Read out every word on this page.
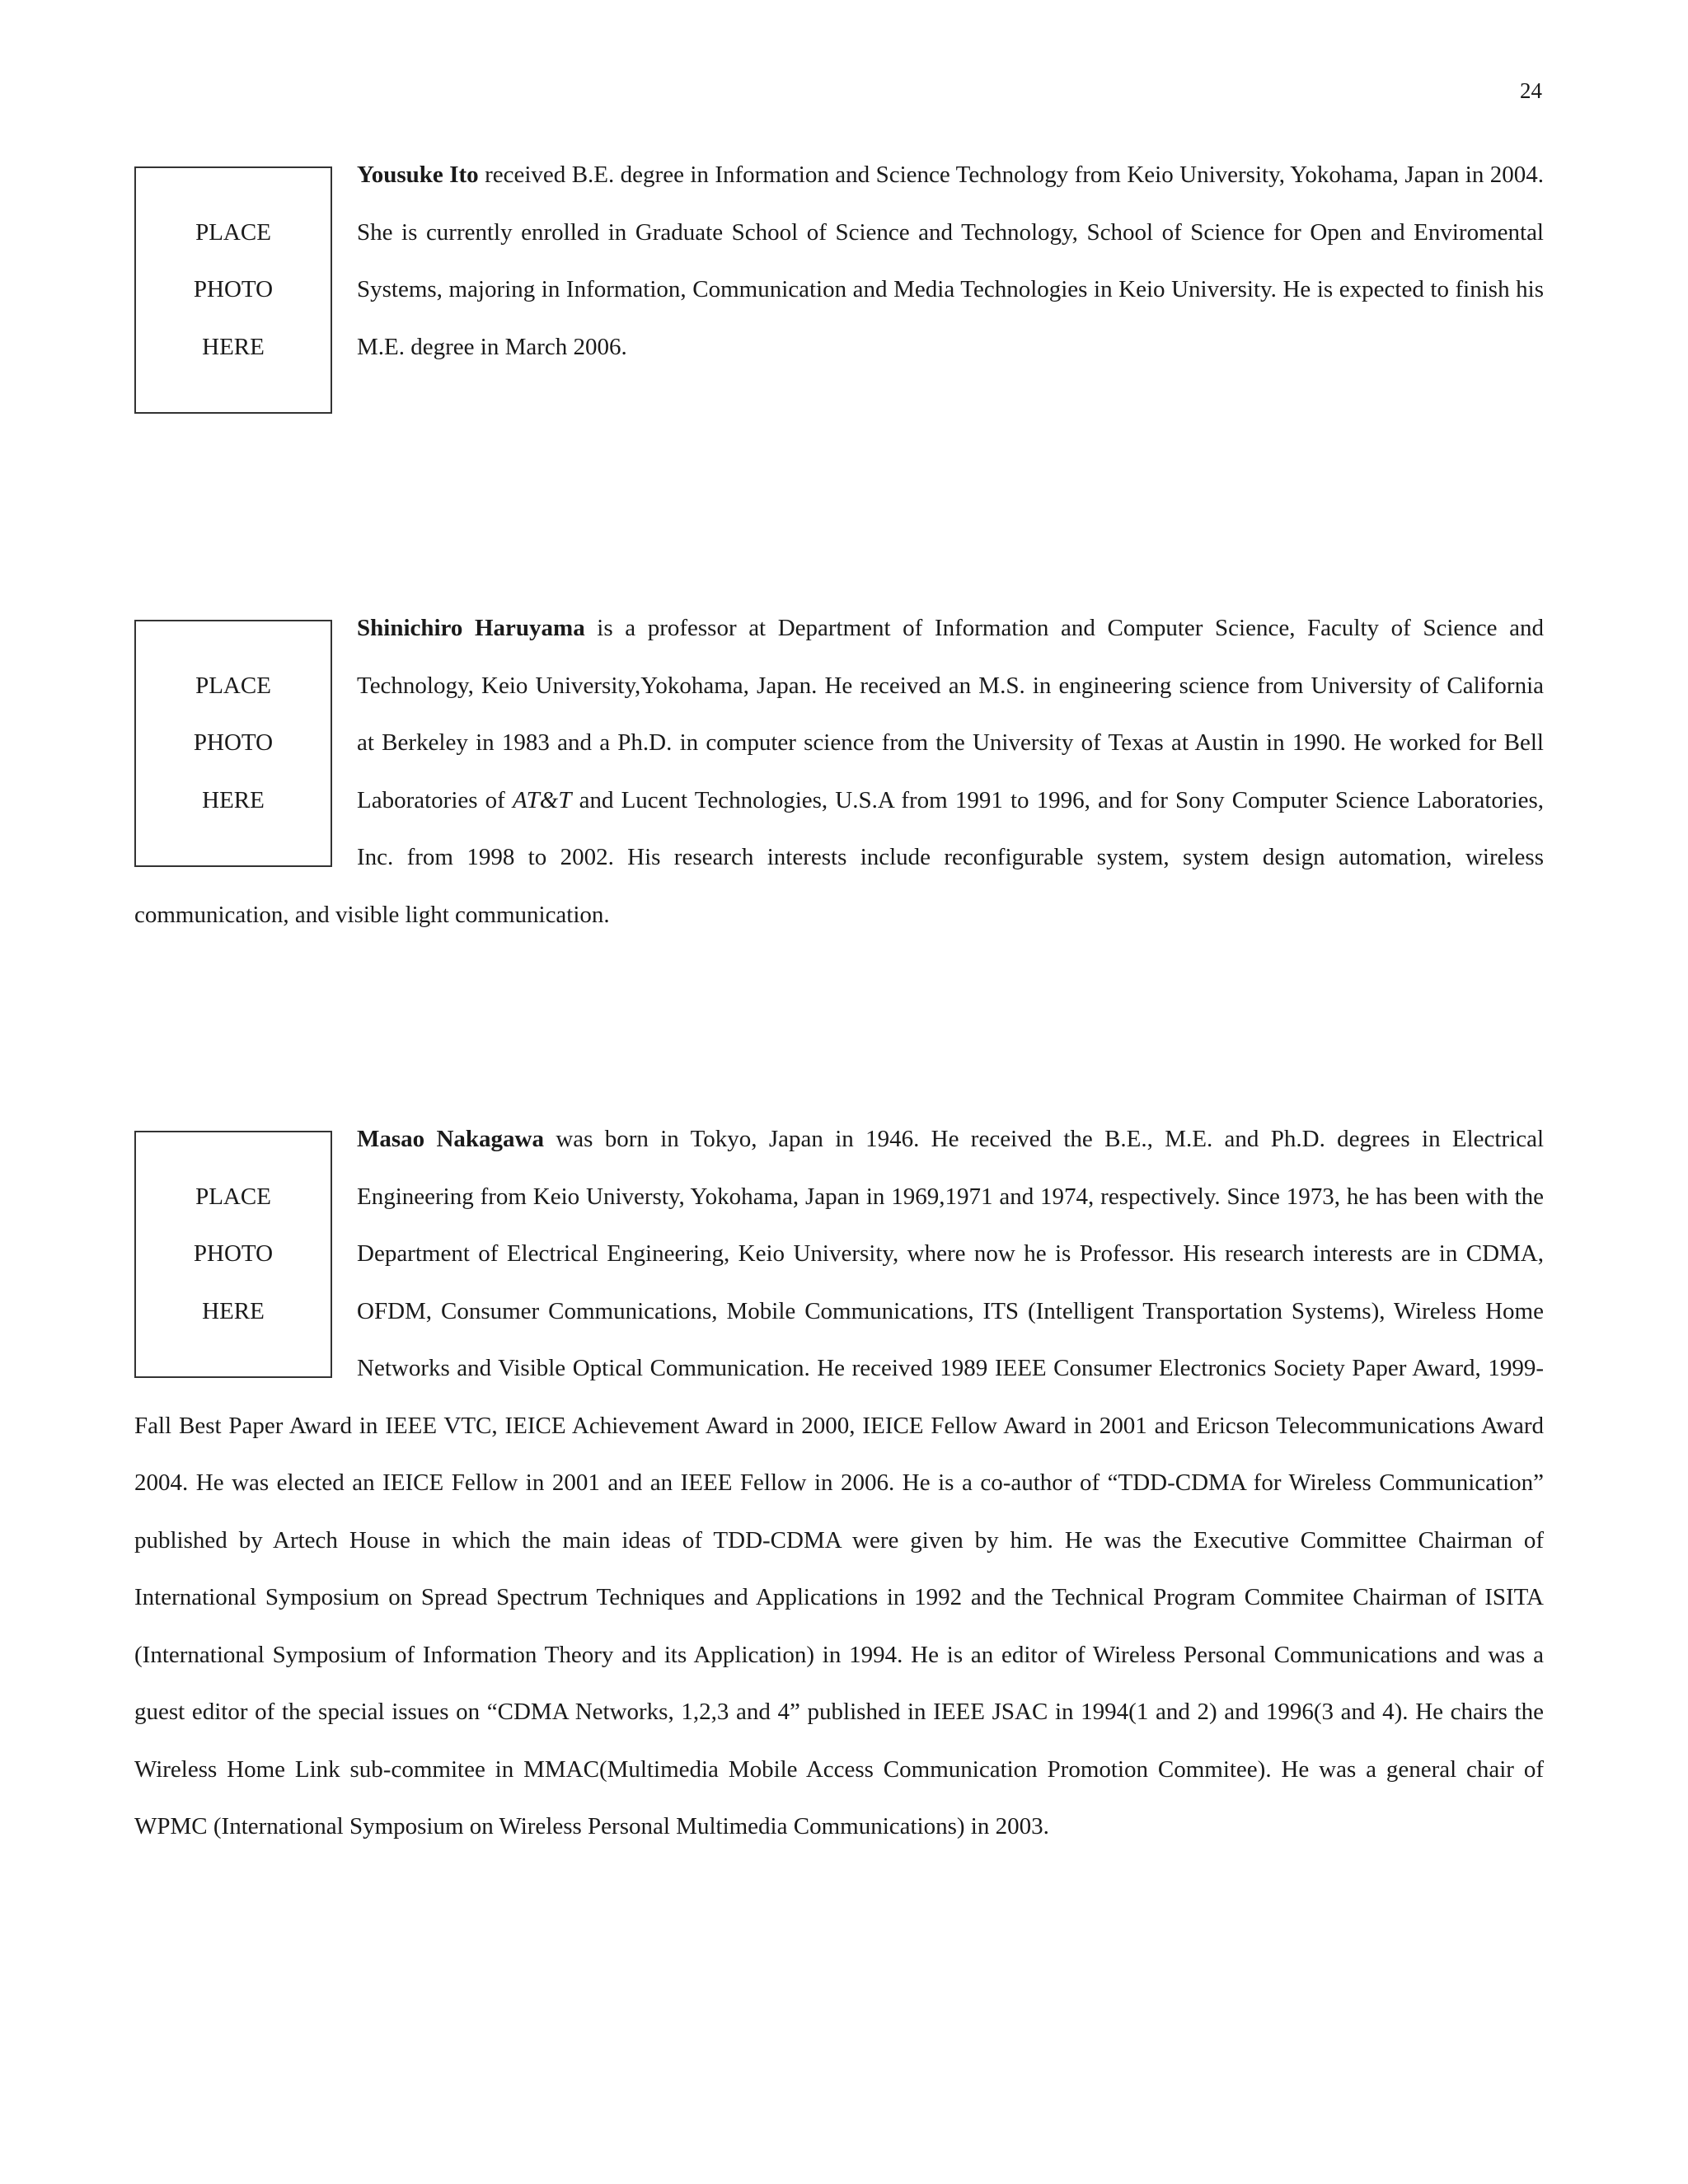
24
PLACE
PHOTO
HERE

Yousuke Ito received B.E. degree in Information and Science Technology from Keio University, Yokohama, Japan in 2004. She is currently enrolled in Graduate School of Science and Technology, School of Science for Open and Enviromental Systems, majoring in Information, Communication and Media Technologies in Keio University. He is expected to finish his M.E. degree in March 2006.

PLACE
PHOTO
HERE

Shinichiro Haruyama is a professor at Department of Information and Computer Science, Faculty of Science and Technology, Keio University,Yokohama, Japan. He received an M.S. in engineering science from University of California at Berkeley in 1983 and a Ph.D. in computer science from the University of Texas at Austin in 1990. He worked for Bell Laboratories of AT&T and Lucent Technologies, U.S.A from 1991 to 1996, and for Sony Computer Science Laboratories, Inc. from 1998 to 2002. His research interests include reconfigurable system, system design automation, wireless communication, and visible light communication.

PLACE
PHOTO
HERE

Masao Nakagawa was born in Tokyo, Japan in 1946. He received the B.E., M.E. and Ph.D. degrees in Electrical Engineering from Keio Universty, Yokohama, Japan in 1969,1971 and 1974, respectively. Since 1973, he has been with the Department of Electrical Engineering, Keio University, where now he is Professor. His research interests are in CDMA, OFDM, Consumer Communications, Mobile Communications, ITS (Intelligent Transportation Systems), Wireless Home Networks and Visible Optical Communication. He received 1989 IEEE Consumer Electronics Society Paper Award, 1999-Fall Best Paper Award in IEEE VTC, IEICE Achievement Award in 2000, IEICE Fellow Award in 2001 and Ericson Telecommunications Award 2004. He was elected an IEICE Fellow in 2001 and an IEEE Fellow in 2006. He is a co-author of “TDD-CDMA for Wireless Communication” published by Artech House in which the main ideas of TDD-CDMA were given by him. He was the Executive Committee Chairman of International Symposium on Spread Spectrum Techniques and Applications in 1992 and the Technical Program Commitee Chairman of ISITA (International Symposium of Information Theory and its Application) in 1994. He is an editor of Wireless Personal Communications and was a guest editor of the special issues on “CDMA Networks, 1,2,3 and 4” published in IEEE JSAC in 1994(1 and 2) and 1996(3 and 4). He chairs the Wireless Home Link sub-commitee in MMAC(Multimedia Mobile Access Communication Promotion Commitee). He was a general chair of WPMC (International Symposium on Wireless Personal Multimedia Communications) in 2003.
